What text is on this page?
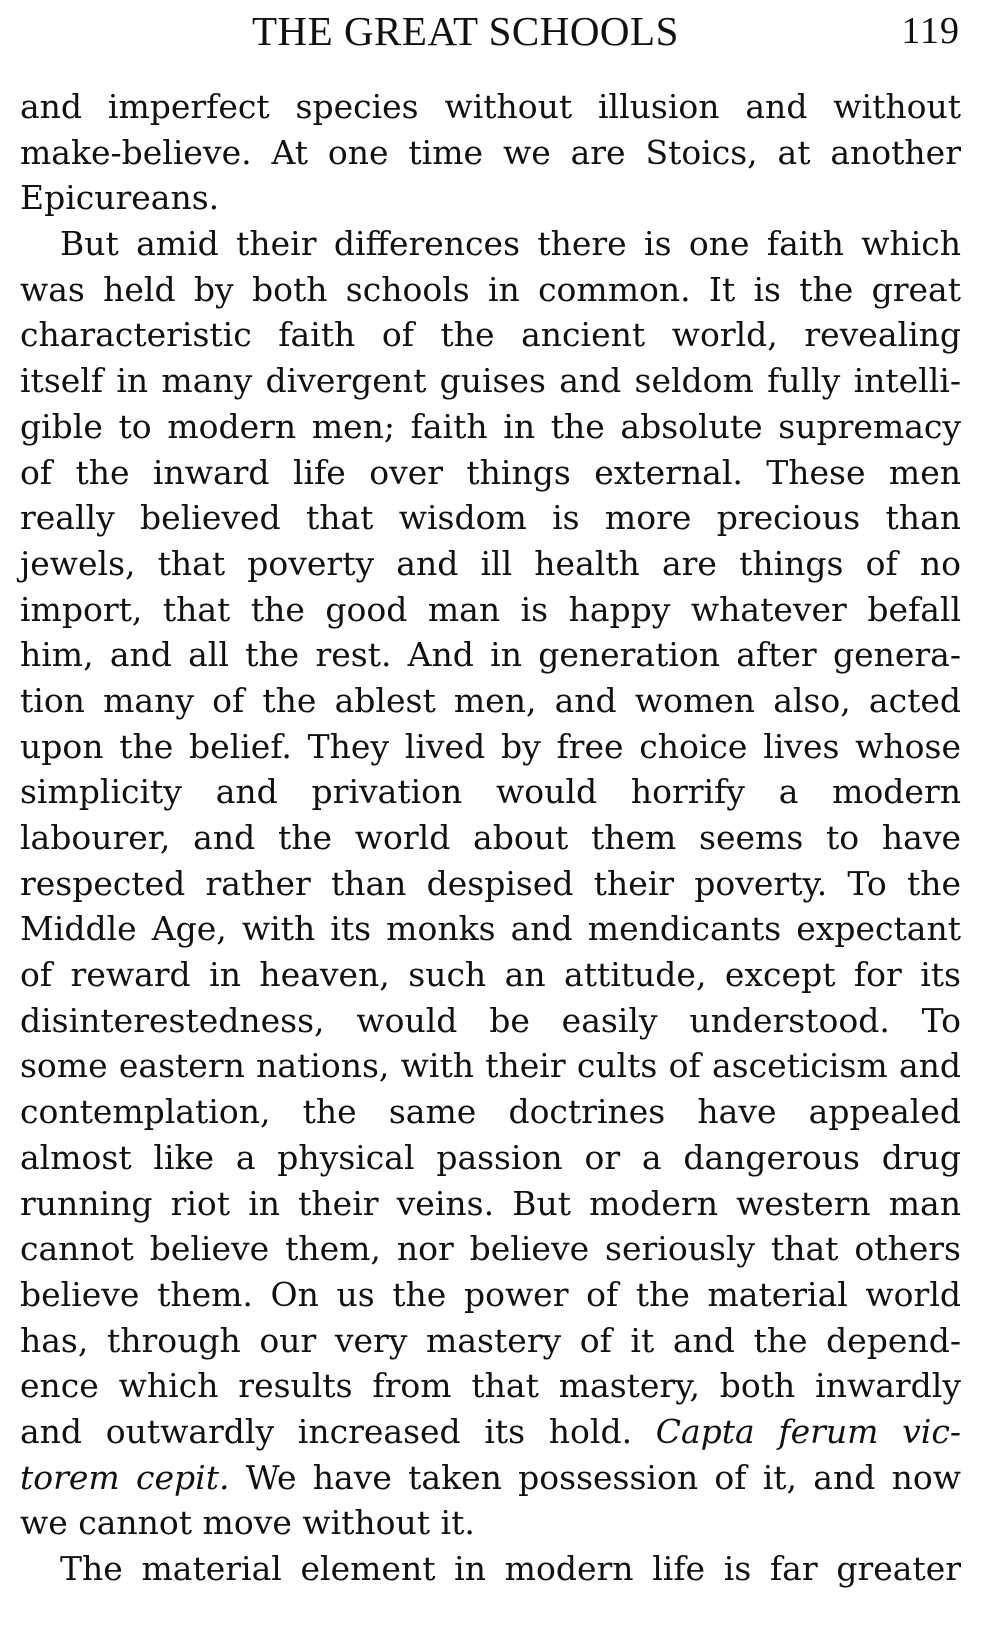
THE GREAT SCHOOLS	119
and imperfect species without illusion and without
make-believe. At one time we are Stoics, at another
Epicureans.
But amid their differences there is one faith which
was held by both schools in common. It is the great
characteristic faith of the ancient world, revealing
itself in many divergent guises and seldom fully intelli-
gible to modern men; faith in the absolute supremacy
of the inward life over things external. These men
really believed that wisdom is more precious than
jewels, that poverty and ill health are things of no
import, that the good man is happy whatever befall
him, and all the rest. And in generation after genera-
tion many of the ablest men, and women also, acted
upon the belief. They lived by free choice lives whose
simplicity and privation would horrify a modern
labourer, and the world about them seems to have
respected rather than despised their poverty. To the
Middle Age, with its monks and mendicants expectant
of reward in heaven, such an attitude, except for its
disinterestedness, would be easily understood. To
some eastern nations, with their cults of asceticism and
contemplation, the same doctrines have appealed
almost like a physical passion or a dangerous drug
running riot in their veins. But modern western man
cannot believe them, nor believe seriously that others
believe them. On us the power of the material world
has, through our very mastery of it and the depend-
ence which results from that mastery, both inwardly
and outwardly increased its hold. Capta ferum vic-
torem cepit. We have taken possession of it, and now
we cannot move without it.
The material element in modern life is far greater
